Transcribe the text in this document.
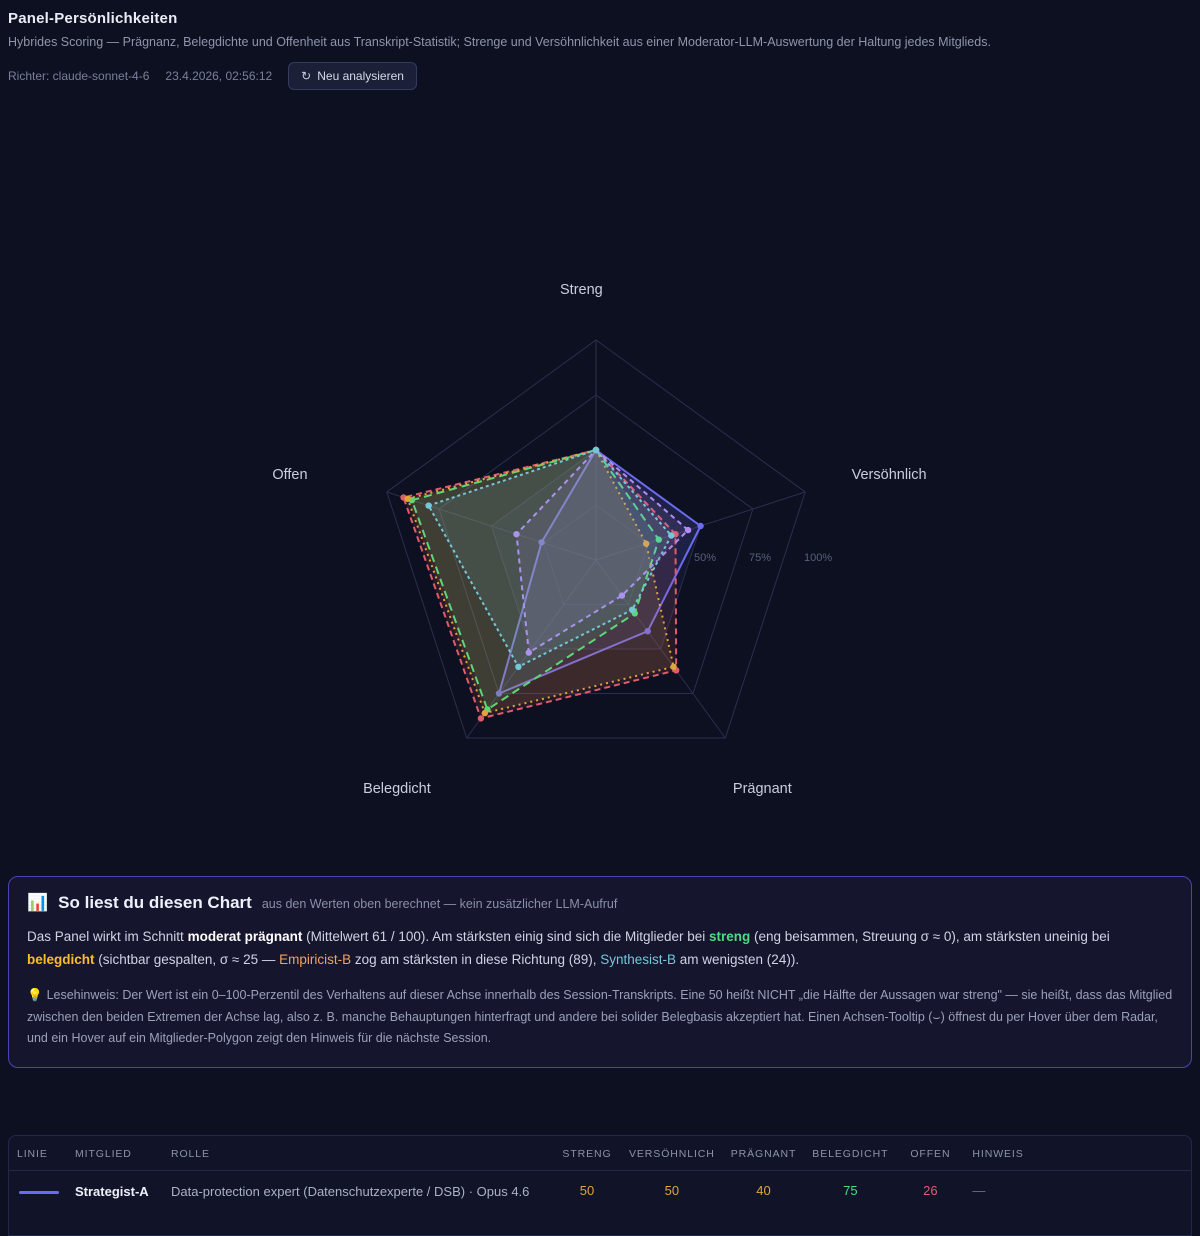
Panel-Persönlichkeiten
Hybrides Scoring — Prägnanz, Belegdichte und Offenheit aus Transkript-Statistik; Strenge und Versöhnlichkeit aus einer Moderator-LLM-Auswertung der Haltung jedes Mitglieds.
Richter: claude-sonnet-4-6 23.4.2026, 02:56:12 ↻ Neu analysieren
Streng
Versöhnlich
Prägnant
Belegdicht
Offen
25%	50%	75%	100%
📊 So liest du diesen Chart aus den Werten oben berechnet — kein zusätzlicher LLM-Aufruf
Das Panel wirkt im Schnitt moderat prägnant (Mittelwert 61 / 100). Am stärksten einig sind sich die Mitglieder bei streng (eng beisammen, Streuung σ ≈ 0), am stärksten uneinig bei belegdicht (sichtbar gespalten, σ ≈ 25 — Empiricist-B zog am stärksten in diese Richtung (89), Synthesist-B am wenigsten (24)).
💡 Lesehinweis: Der Wert ist ein 0–100-Perzentil des Verhaltens auf dieser Achse innerhalb des Session-Transkripts. Eine 50 heißt NICHT „die Hälfte der Aussagen war streng" — sie heißt, dass das Mitglied zwischen den beiden Extremen der Achse lag, also z. B. manche Behauptungen hinterfragt und andere bei solider Belegbasis akzeptiert hat. Einen Achsen-Tooltip (⌣) öffnest du per Hover über dem Radar, und ein Hover auf ein Mitglieder-Polygon zeigt den Hinweis für die nächste Session.
LINIE	MITGLIED	ROLLE	STRENG	VERSÖHNLICH	PRÄGNANT	BELEGDICHT	OFFEN	HINWEIS

	Strategist-A	Data-protection expert (Datenschutzexperte / DSB) · Opus 4.6	50	50	40	75	26	—
